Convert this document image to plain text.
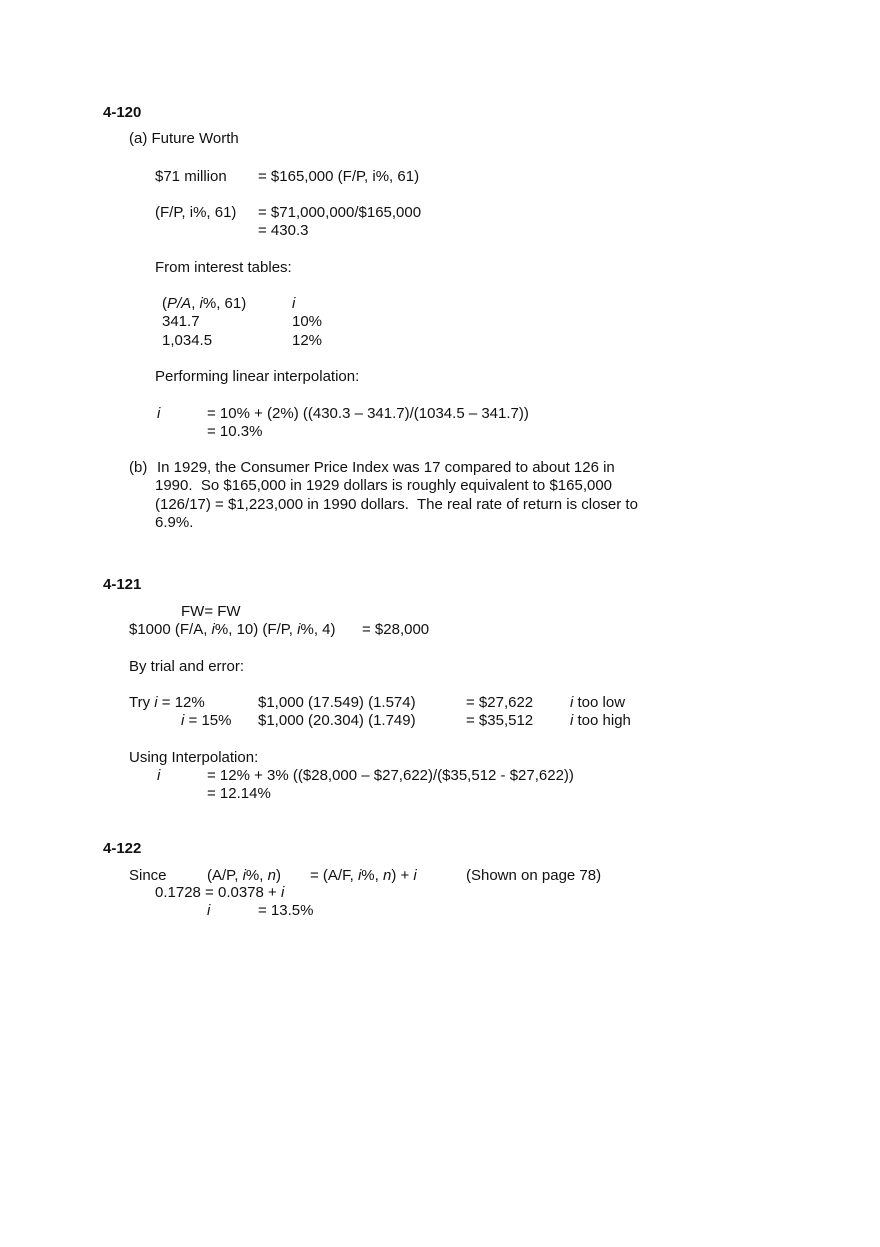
4-120
(a) Future Worth
$71 million = $165,000 (F/P, i%, 61)
(F/P, i%, 61) = $71,000,000/$165,000
= 430.3
From interest tables:
(P/A, i%, 61)	i
341.7	10%
1,034.5	12%
Performing linear interpolation:
i	= 10% + (2%) ((430.3 – 341.7)/(1034.5 – 341.7))
= 10.3%
(b) In 1929, the Consumer Price Index was 17 compared to about 126 in
1990.  So $165,000 in 1929 dollars is roughly equivalent to $165,000
(126/17) = $1,223,000 in 1990 dollars.  The real rate of return is closer to
6.9%.
4-121
FW= FW
$1000 (F/A, i%, 10) (F/P, i%, 4) = $28,000
By trial and error:
Try i = 12%	$1,000 (17.549) (1.574)	= $27,622 i too low
i = 15% $1,000 (20.304) (1.749)	= $35,512 i too high
Using Interpolation:
i	= 12% + 3% (($28,000 – $27,622)/($35,512 - $27,622))
= 12.14%
4-122
Since	(A/P, i%, n) = (A/F, i%, n) + i	(Shown on page 78)
0.1728 = 0.0378 + i
i	= 13.5%
